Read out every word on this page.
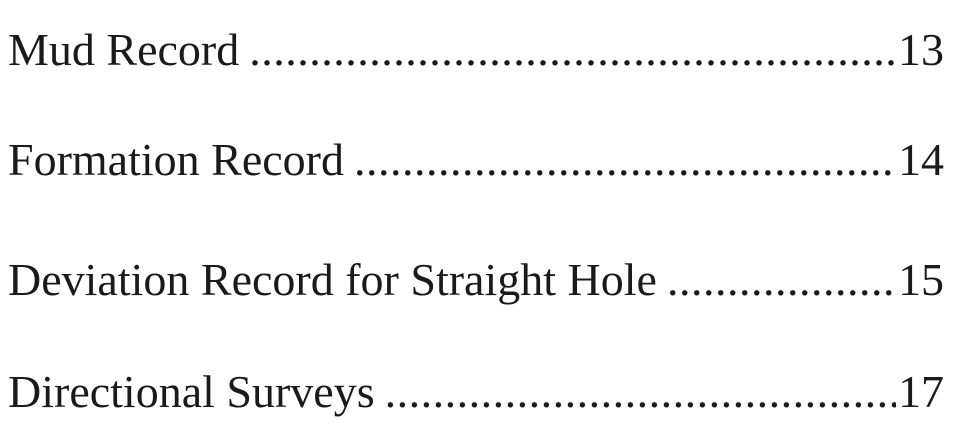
Mud Record .....	13
Formation Record .....	14
Deviation Record for Straight Hole .....	15
Directional Surveys .....	17
